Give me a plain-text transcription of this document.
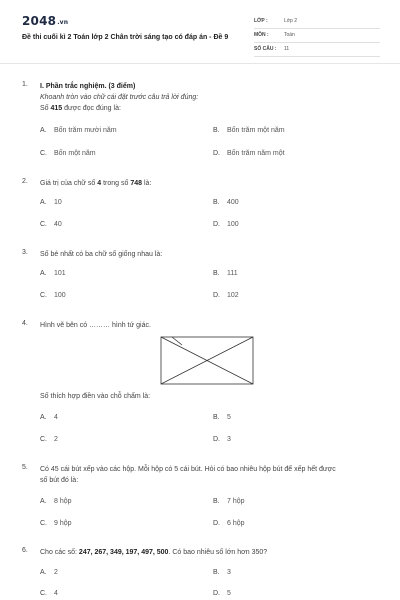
2048.vn
Đề thi cuối kì 2 Toán lớp 2 Chân trời sáng tạo có đáp án - Đề 9
LỚP :	Lớp 2
MÔN :	Toán
SỐ CÂU : 11
1. I. Phần trắc nghiệm. (3 điểm)
Khoanh tròn vào chữ cái đặt trước câu trả lời đúng:
Số 415 được đọc đúng là:
A. Bốn trăm mười năm	B. Bốn trăm một năm
C. Bốn một năm	D. Bốn trăm năm một
2. Giá trị của chữ số 4 trong số 748 là:
A. 10	B. 400
C. 40	D. 100
3. Số bé nhất có ba chữ số giống nhau là:
A. 101	B. 111
C. 100	D. 102
4. Hình vẽ bên có ……… hình tứ giác.
Số thích hợp điền vào chỗ chấm là:
A. 4	B. 5
C. 2	D. 3
5. Có 45 cái bút xếp vào các hộp. Mỗi hộp có 5 cái bút. Hỏi có bao nhiêu hộp bút để xếp hết được
số bút đó là:
A. 8 hộp	B. 7 hộp
C. 9 hộp	D. 6 hộp
6. Cho các số: 247, 267, 349, 197, 497, 500. Có bao nhiêu số lớn hơn 350?
A. 2	B. 3
C. 4	D. 5
